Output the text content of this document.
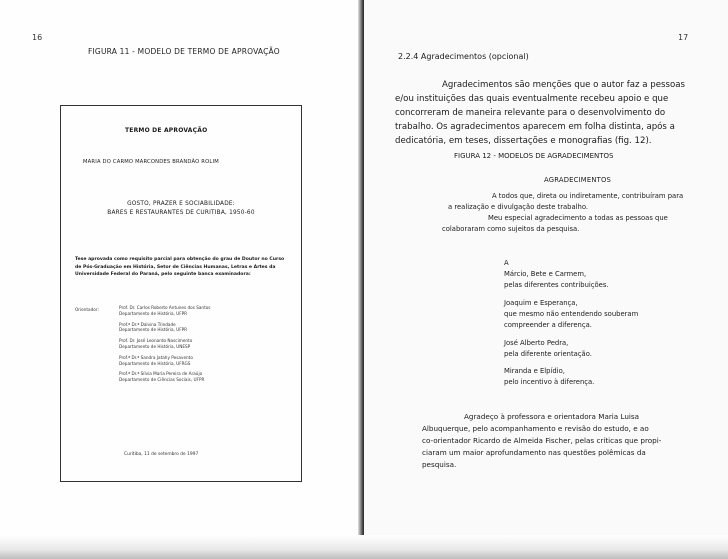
16
FIGURA 11 - MODELO DE TERMO DE APROVAÇÃO
TERMO DE APROVAÇÃO
MARIA DO CARMO MARCONDES BRANDÃO ROLIM
GOSTO, PRAZER E SOCIABILIDADE:
BARES E RESTAURANTES DE CURITIBA, 1950-60
Tese aprovada como requisito parcial para obtenção do grau de Doutor no Curso de Pós-Graduação em História, Setor de Ciências Humanas, Letras e Artes da Universidade Federal do Paraná, pelo seguinte banca examinadora:
Orientador:	Prof. Dr. Carlos Roberto Antunes dos Santos
Departamento de História, UFPR
Prof.ª Dr.ª Dalvina Trindade
Departamento de História, UFPR
Prof. Dr. José Leonardo Nascimento
Departamento de História, UNESP
Prof.ª Dr.ª Sandra Jatahy Pesavento
Departamento de História, UFRGS
Prof.ª Dr.ª Sílvia Maria Pereira de Araújo
Departamento de Ciências Sociais, UFPR
Curitiba, 11 de setembro de 1997
17
2.2.4 Agradecimentos (opcional)
Agradecimentos são menções que o autor faz a pessoas
e/ou instituições das quais eventualmente recebeu apoio e que
concorreram de maneira relevante para o desenvolvimento do
trabalho. Os agradecimentos aparecem em folha distinta, após a
dedicatória, em teses, dissertações e monografias (fig. 12).
FIGURA 12 - MODELOS DE AGRADECIMENTOS
AGRADECIMENTOS
A todos que, direta ou indiretamente, contribuíram para
a realização e divulgação deste trabalho.
Meu especial agradecimento a todas as pessoas que
colaboraram como sujeitos da pesquisa.
A
Márcio, Bete e Carmem,
pelas diferentes contribuições.
Joaquim e Esperança,
que mesmo não entendendo souberam
compreender a diferença.
José Alberto Pedra,
pela diferente orientação.
Miranda e Elpídio,
pelo incentivo à diferença.
Agradeço à professora e orientadora Maria Luisa
Albuquerque, pelo acompanhamento e revisão do estudo, e ao
co-orientador Ricardo de Almeida Fischer, pelas críticas que propi-
ciaram um maior aprofundamento nas questões polêmicas da
pesquisa.
